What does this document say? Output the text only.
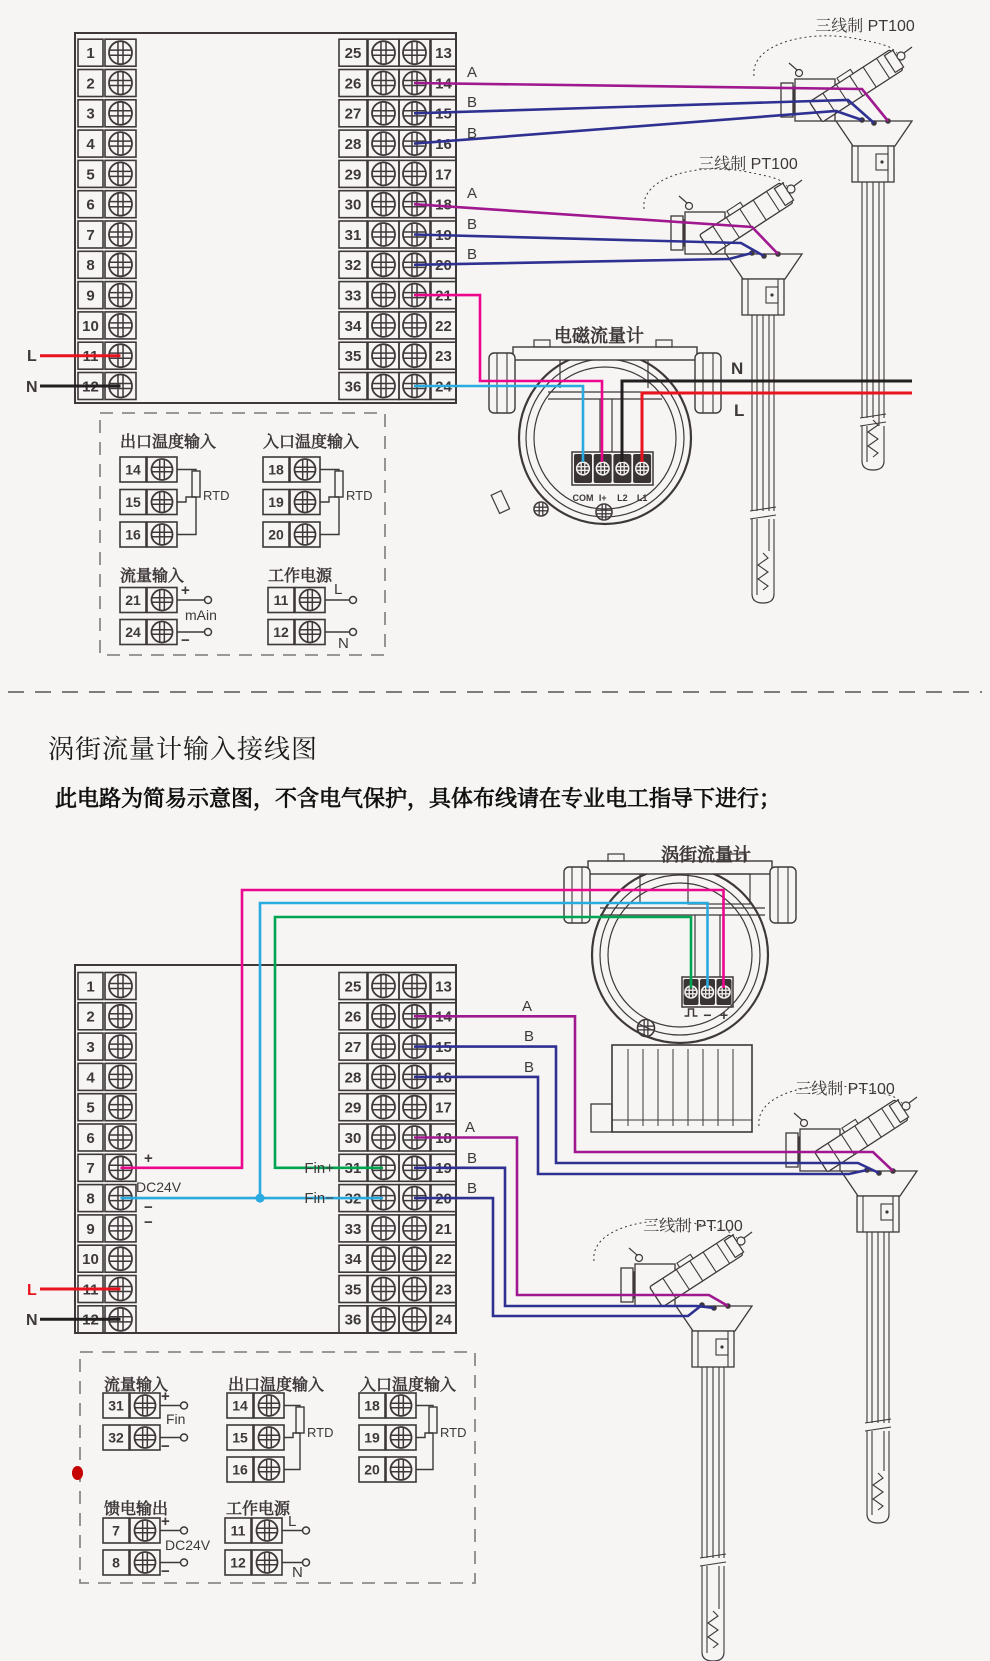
1	25	13
2	26	14
3	27	15
4	28	16
5	29	17
6	30	18
7	31	19
8	32	20
9	33	21
10	34	22
11	35	23
12	36	24
14
15
16
18
19
20
21
24
11
12
COM I+ L2 L1
电磁流量计
三线制 PT100
三线制 PT100
L
N
A
B
B
A
B
B
N
L
出口温度输入	入口温度输入
RTD	RTD
流量输入	工作电源
+
mAin
−
L
N
1	25	13
2	26	14
3	27	15
4	28	16
5	29	17
6	30	18
7	31	19
8	32	20
9	33	21
10	34	22
11	35	23
12	36	24
31
32
14
15
16
18
19
20
7
8
11
12
− +
涡街流量计
三线制 PT100
三线制 PT100
L
N
+
DC24V
−
−
Fin+
Fin−
A
B
B
A
B
B
流量输入	出口温度输入 入口温度输入
+
Fin
−
RTD	RTD
馈电输出	工作电源
+
DC24V
−
L
N
涡街流量计输入接线图
此电路为简易示意图，不含电气保护，具体布线请在专业电工指导下进行；
